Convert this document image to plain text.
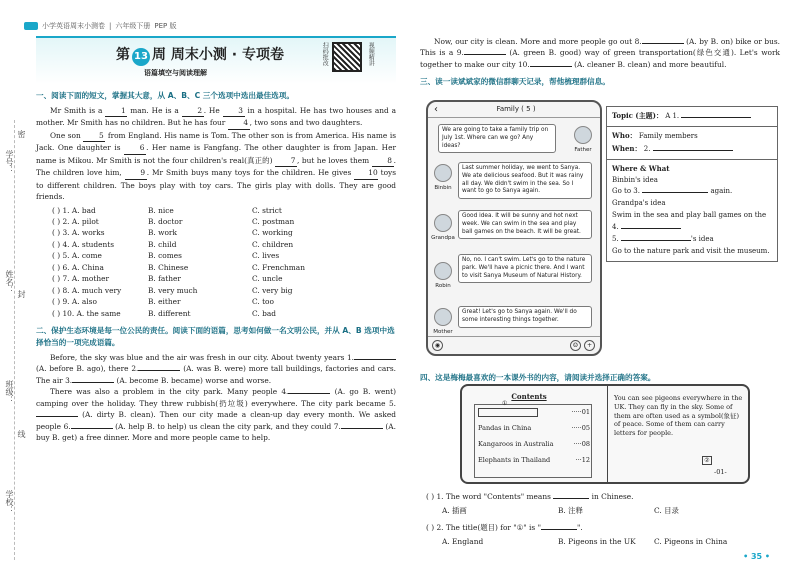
小学英语周末小测卷 | 六年级下册 PEP 版
学号：
姓名：
班级：
学校：
密
封
线
第 13 周 周末小测 · 专项卷
语篇填空与阅读理解
扫码批改	视频精讲
一、阅读下面的短文，掌握其大意，从 A、B、C 三个选项中选出最佳选项。

Mr Smith is a	1 man. He is a	2 . He	3 in a hospital. He has two houses and a mother. Mr Smith has no children. But he has four 4 , two sons and two daughters.

One son 5 from England. His name is Tom. The other son is from America. His name is Jack. One daughter is	6 . Her name is Fangfang. The other daughter is from Japan. Her name is Mikou. Mr Smith is not the four children's real(真正的) 7 , but he loves them 8 . The children love him,	9 . Mr Smith buys many toys for the children. He gives 10 toys to different children. The boys play with toy cars. The girls play with dolls. They are good friends.

( ) 1. A. bad	B. nice	C. strict
( ) 2. A. pilot	B. doctor	C. postman
( ) 3. A. works	B. work	C. working
( ) 4. A. students	B. child	C. children
( ) 5. A. come	B. comes	C. lives
( ) 6. A. China	B. Chinese	C. Frenchman
( ) 7. A. mother	B. father	C. uncle
( ) 8. A. much very	B. very much	C. very big
( ) 9. A. also	B. either	C. too
( ) 10. A. the same	B. different	C. bad
二、保护生态环境是每一位公民的责任。阅读下面的语篇，思考如何做一名文明公民，并从 A、B 选项中选择恰当的一项完成语篇。

Before, the sky was blue and the air was fresh in our city. About twenty years 1. (A. before B. ago), there 2.	(A. was B. were) more tall buildings, factories and cars. The air 3.	(A. become B. became) worse and worse.

There was also a problem in the city park. Many people 4.	(A. go B. went) camping over the holiday. They threw rubbish(扔垃圾) everywhere. The city park became 5. (A. dirty B. clean). Then our city made a clean-up day every month. We asked people 6.	(A. help B. to help) us clean the city park, and they could 7.	(A. buy B. get) a free dinner. More and more people came to help.

Now, our city is clean. More and more people go out 8.	(A. by B. on) bike or bus. This is a 9.	(A. green B. good) way of green transportation(绿色交通). Let's work together to make our city 10.	(A. cleaner B. clean) and more beautiful.

三、读一读斌斌家的微信群聊天记录，帮他梳理群信息。
‹	Family ( 5 )
We are going to take a family trip on July 1st. Where can we go? Any ideas?
Father
Binbin
Last summer holiday, we went to Sanya. We ate delicious seafood. But it was rainy all day. We didn't swim in the sea. So I want to go to Sanya again.
Grandpa
Good idea. It will be sunny and hot next week. We can swim in the sea and play ball games on the beach. It will be great.
Robin
No, no. I can't swim. Let's go to the nature park. We'll have a picnic there. And I want to visit Sanya Museum of Natural History.
Mother
Great! Let's go to Sanya again. We'll do some interesting things together.
◉	☺	+
Topic (主题)： A 1.
Who： Family members
When： 2.
Where & What
Binbin's idea
Go to 3.	again.
Grandpa's idea
Swim in the sea and play ball games on the 4.
5.	's idea
Go to the nature park and visit the museum.
四、这是梅梅最喜欢的一本课外书的内容，请阅读并选择正确的答案。
Contents
·····01
Pandas in China	·····05
Kangaroos in Australia	····08
Elephants in Thailand	···12
①
You can see pigeons everywhere in the UK. They can fly in the sky. Some of them are often used as a symbol(象征) of peace. Some of them can carry letters for people.
②
-01-
( ) 1. The word "Contents" means	in Chinese.
A. 插画	B. 注释	C. 目录
( ) 2. The title(题目) for "①" is "	".
A. England	B. Pigeons in the UK	C. Pigeons in China
• 35 •
